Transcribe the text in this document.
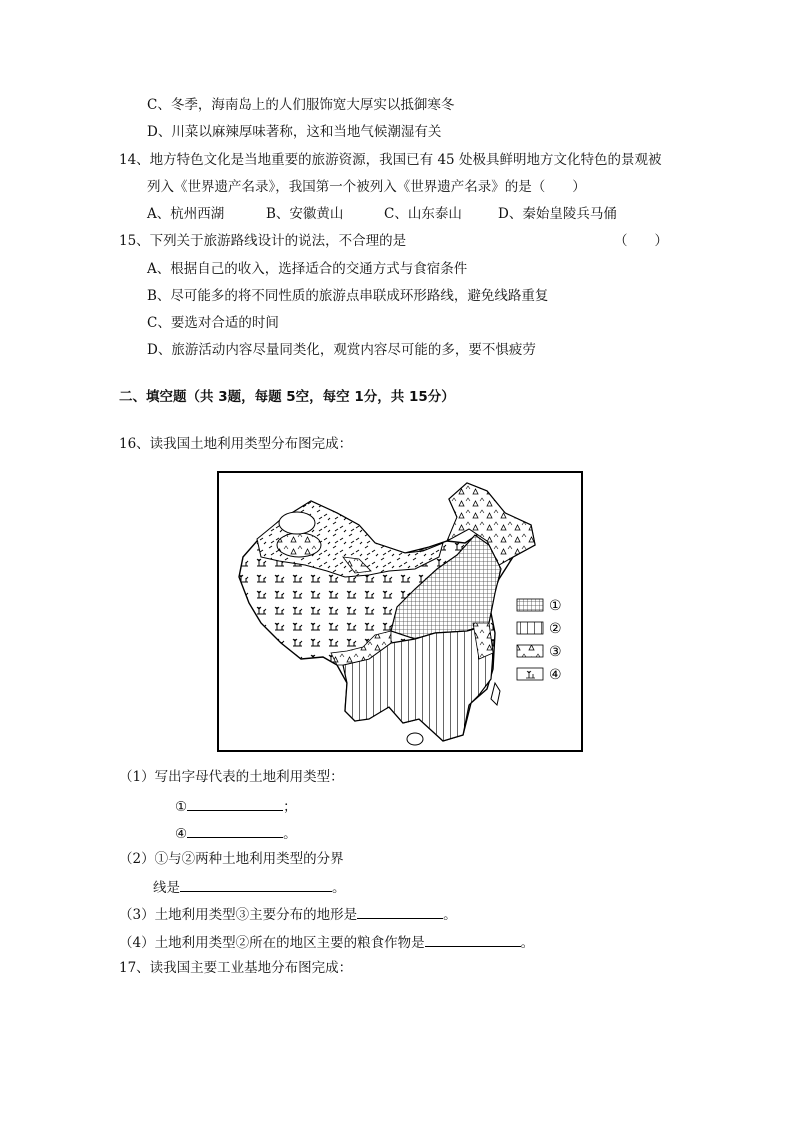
C、冬季，海南岛上的人们服饰宽大厚实以抵御寒冬
D、川菜以麻辣厚味著称，这和当地气候潮湿有关
14、地方特色文化是当地重要的旅游资源，我国已有 45 处极具鲜明地方文化特色的景观被
列入《世界遗产名录》，我国第一个被列入《世界遗产名录》的是（　　）
A、杭州西湖	B、安徽黄山	C、山东泰山	D、秦始皇陵兵马俑
15、下列关于旅游路线设计的说法，不合理的是	（　　）
A、根据自己的收入，选择适合的交通方式与食宿条件
B、尽可能多的将不同性质的旅游点串联成环形路线，避免线路重复
C、要选对合适的时间
D、旅游活动内容尽量同类化，观赏内容尽可能的多，要不惧疲劳
二、填空题（共 3题，每题 5空，每空 1分，共 15分）
16、读我国土地利用类型分布图完成：
①
②
③
④
（1）写出字母代表的土地利用类型：
①	；
④	。
（2）①与②两种土地利用类型的分界
线是	。
（3）土地利用类型③主要分布的地形是	。
（4）土地利用类型②所在的地区主要的粮食作物是	。
17、读我国主要工业基地分布图完成：
